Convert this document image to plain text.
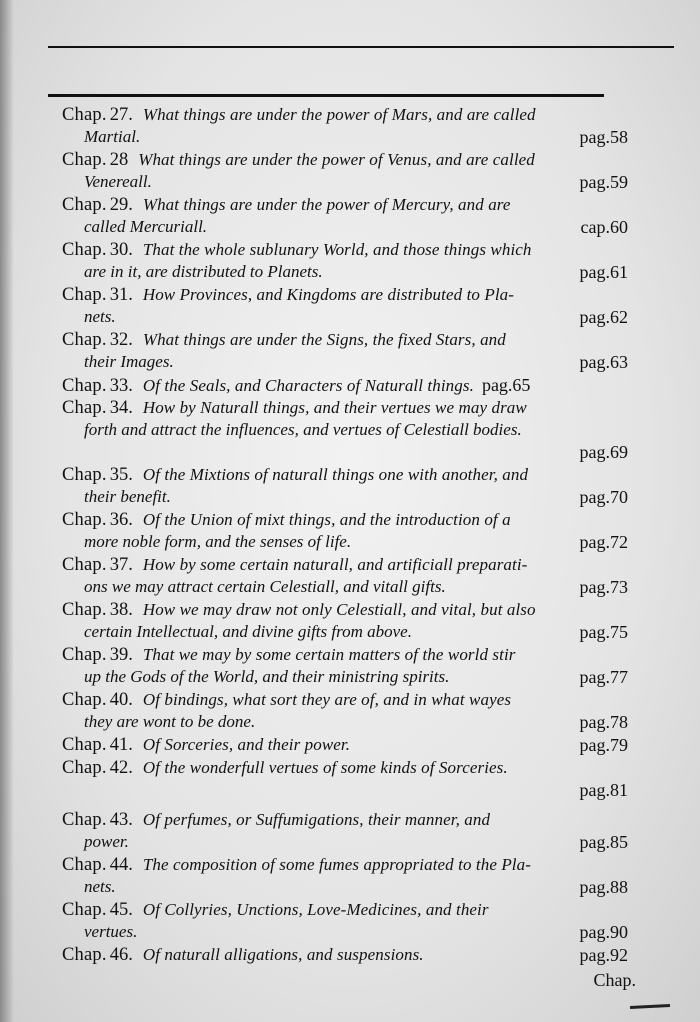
Chap. 27. What things are under the power of Mars, and are called
Martial.	pag.58
Chap. 28 What things are under the power of Venus, and are called
Venereall.	pag.59
Chap. 29. What things are under the power of Mercury, and are
called Mercuriall.	cap.60
Chap. 30. That the whole sublunary World, and those things which
are in it, are distributed to Planets.	pag.61
Chap. 31. How Provinces, and Kingdoms are distributed to Pla-
nets.	pag.62
Chap. 32. What things are under the Signs, the fixed Stars, and
their Images.	pag.63
Chap. 33. Of the Seals, and Characters of Naturall things. pag.65
Chap. 34. How by Naturall things, and their vertues we may draw
forth and attract the influences, and vertues of Celestiall bodies.
pag.69
Chap. 35. Of the Mixtions of naturall things one with another, and
their benefit.	pag.70
Chap. 36. Of the Union of mixt things, and the introduction of a
more noble form, and the senses of life.	pag.72
Chap. 37. How by some certain naturall, and artificiall preparati-
ons we may attract certain Celestiall, and vitall gifts.	pag.73
Chap. 38. How we may draw not only Celestiall, and vital, but also
certain Intellectual, and divine gifts from above.	pag.75
Chap. 39. That we may by some certain matters of the world stir
up the Gods of the World, and their ministring spirits.	pag.77
Chap. 40. Of bindings, what sort they are of, and in what wayes
they are wont to be done.	pag.78
Chap. 41. Of Sorceries, and their power.	pag.79
Chap. 42. Of the wonderfull vertues of some kinds of Sorceries.
pag.81
Chap. 43. Of perfumes, or Suffumigations, their manner, and
power.	pag.85
Chap. 44. The composition of some fumes appropriated to the Pla-
nets.	pag.88
Chap. 45. Of Collyries, Unctions, Love-Medicines, and their
vertues.	pag.90
Chap. 46. Of naturall alligations, and suspensions.	pag.92
Chap.
